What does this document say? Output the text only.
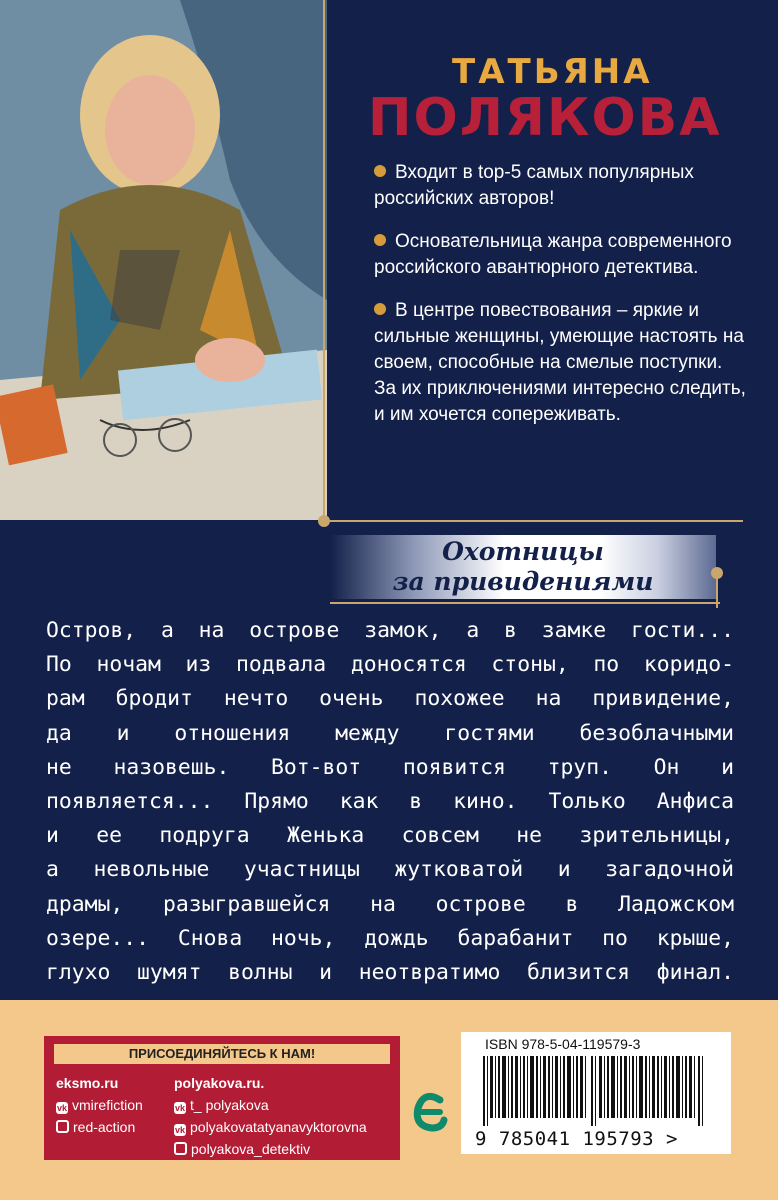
ТАТЬЯНА
ПОЛЯКОВА
Входит в top-5 самых популярных российских авторов!
Основательница жанра современного российского авантюрного детектива.
В центре повествования – яркие и сильные женщины, умеющие настоять на своем, способные на смелые поступки. За их приключениями интересно следить, и им хочется сопереживать.
Охотницы
за привидениями
Остров, а на острове замок, а в замке гости...
По ночам из подвала доносятся стоны, по коридо-
рам бродит нечто очень похожее на привидение,
да и отношения между гостями безоблачными
не назовешь. Вот-вот появится труп. Он и
появляется... Прямо как в кино. Только Анфиса
и ее подруга Женька совсем не зрительницы,
а невольные участницы жутковатой и загадочной
драмы, разыгравшейся на острове в Ладожском
озере... Снова ночь, дождь барабанит по крыше,
глухо шумят волны и неотвратимо близится финал.
ПРИСОЕДИНЯЙТЕСЬ К НАМ!
eksmo.ru
vk vmirefiction
red-action
polyakova.ru.
vk t_ polyakova
vk polyakovatatyanavyktorovna
polyakova_detektiv
ISBN 978-5-04-119579-3
9 785041 195793 >
